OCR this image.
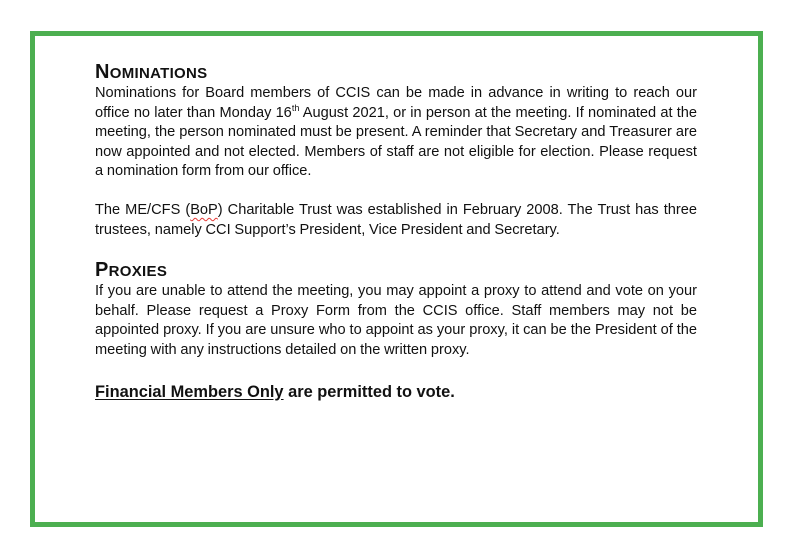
NOMINATIONS

Nominations for Board members of CCIS can be made in advance in writing to reach our office no later than Monday 16th August 2021, or in person at the meeting. If nominated at the meeting, the person nominated must be present. A reminder that Secretary and Treasurer are now appointed and not elected. Members of staff are not eligible for election. Please request a nomination form from our office.

The ME/CFS (BoP) Charitable Trust was established in February 2008. The Trust has three trustees, namely CCI Support’s President, Vice President and Secretary.

PROXIES

If you are unable to attend the meeting, you may appoint a proxy to attend and vote on your behalf. Please request a Proxy Form from the CCIS office. Staff members may not be appointed proxy. If you are unsure who to appoint as your proxy, it can be the President of the meeting with any instructions detailed on the written proxy.

Financial Members Only are permitted to vote.
